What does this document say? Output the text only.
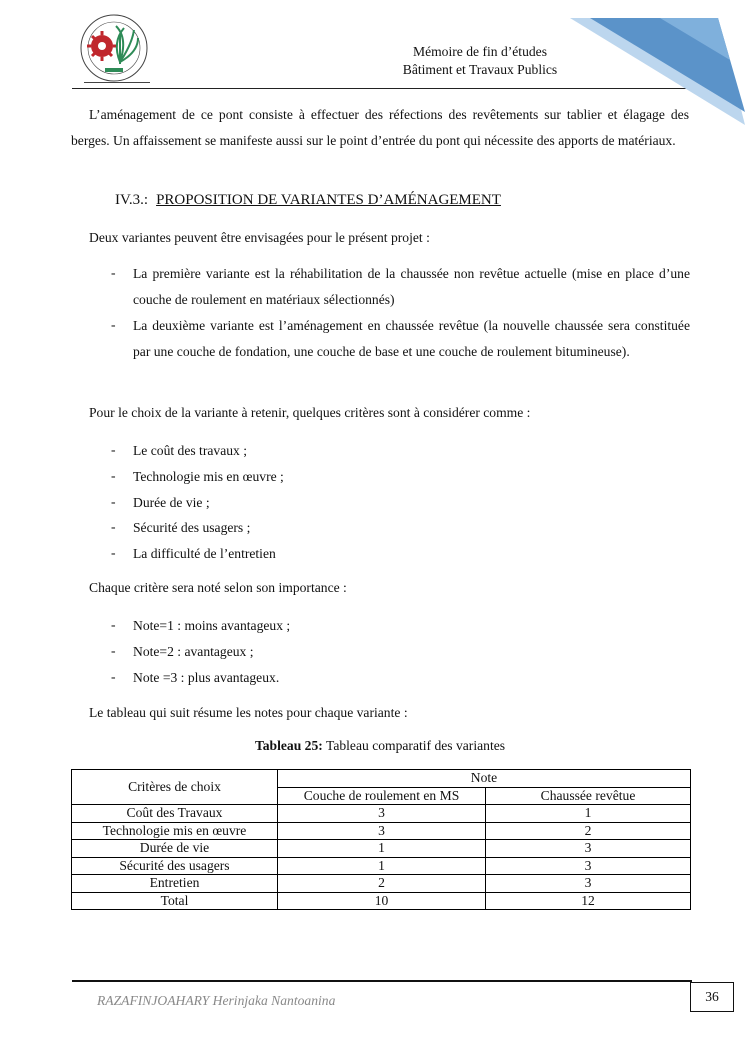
Mémoire de fin d’études
Bâtiment et Travaux Publics
L’aménagement de ce pont consiste à effectuer des réfections des revêtements sur tablier et élagage des berges. Un affaissement se manifeste aussi sur le point d’entrée du pont qui nécessite des apports de matériaux.
IV.3.: PROPOSITION DE VARIANTES D’AMÉNAGEMENT
Deux variantes peuvent être envisagées pour le présent projet :
- La première variante est la réhabilitation de la chaussée non revêtue actuelle (mise en place d’une couche de roulement en matériaux sélectionnés)
- La deuxième variante est l’aménagement en chaussée revêtue (la nouvelle chaussée sera constituée par une couche de fondation, une couche de base et une couche de roulement bitumineuse).
Pour le choix de la variante à retenir, quelques critères sont à considérer comme :
- Le coût des travaux ;
- Technologie mis en œuvre ;
- Durée de vie ;
- Sécurité des usagers ;
- La difficulté de l’entretien
Chaque critère sera noté selon son importance :
- Note=1 : moins avantageux ;
- Note=2 : avantageux ;
- Note =3 : plus avantageux.
Le tableau qui suit résume les notes pour chaque variante :
Tableau 25: Tableau comparatif des variantes
Critères de choix	Note	
	Couche de roulement en MS	Chaussée revêtue
Coût des Travaux	3	1
Technologie mis en œuvre	3	2
Durée de vie	1	3
Sécurité des usagers	1	3
Entretien	2	3
Total	10	12
RAZAFINJOAHARY Herinjaka Nantoanina	36
